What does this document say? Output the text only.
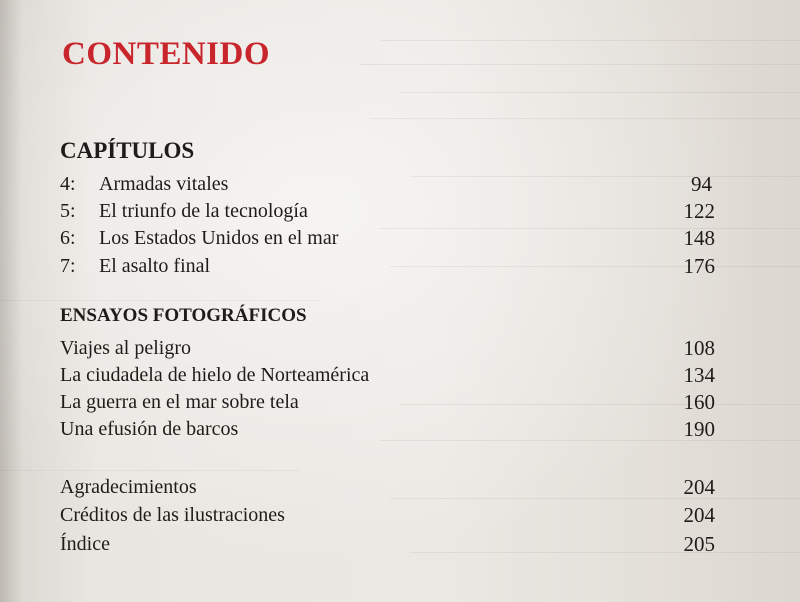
CONTENIDO
CAPÍTULOS
4: Armadas vitales	94
5: El triunfo de la tecnología	122
6: Los Estados Unidos en el mar	148
7: El asalto final	176
ENSAYOS FOTOGRÁFICOS
Viajes al peligro	108
La ciudadela de hielo de Norteamérica	134
La guerra en el mar sobre tela	160
Una efusión de barcos	190
Agradecimientos	204
Créditos de las ilustraciones	204
Índice	205
